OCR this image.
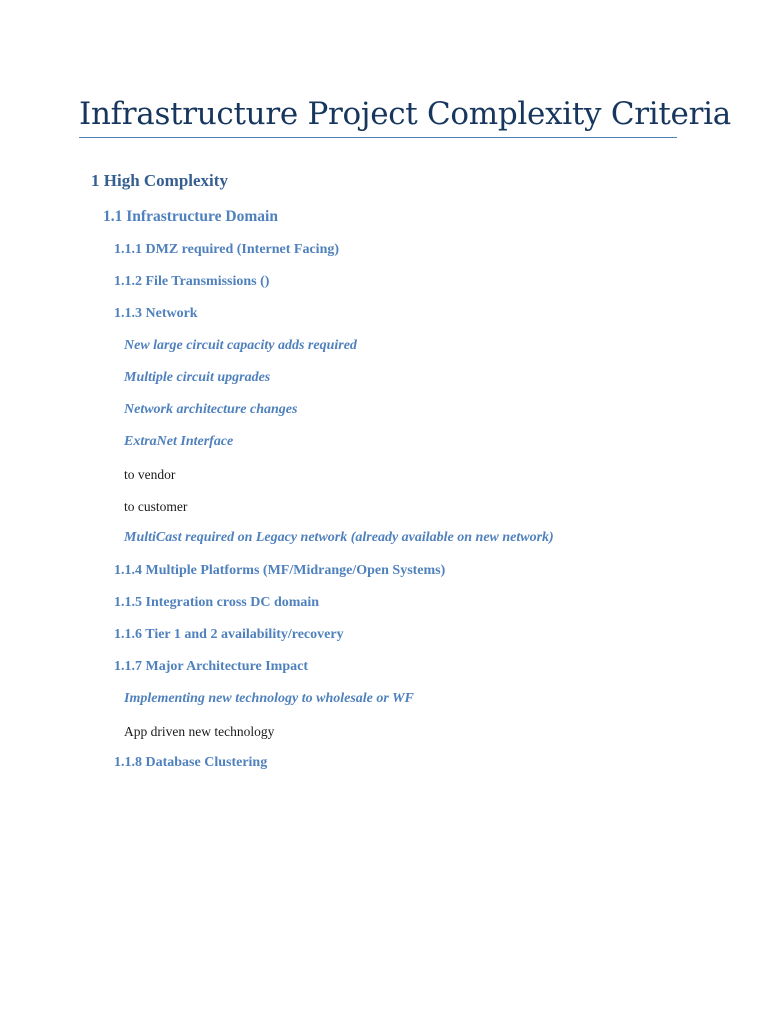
Infrastructure Project Complexity Criteria
1 High Complexity
1.1 Infrastructure Domain
1.1.1 DMZ required (Internet Facing)
1.1.2 File Transmissions ()
1.1.3 Network
New large circuit capacity adds required
Multiple circuit upgrades
Network architecture changes
ExtraNet Interface
to vendor
to customer
MultiCast required on Legacy network (already available on new network)
1.1.4 Multiple Platforms (MF/Midrange/Open Systems)
1.1.5 Integration cross DC domain
1.1.6 Tier 1 and 2 availability/recovery
1.1.7 Major Architecture Impact
Implementing new technology to wholesale or WF
App driven new technology
1.1.8 Database Clustering
